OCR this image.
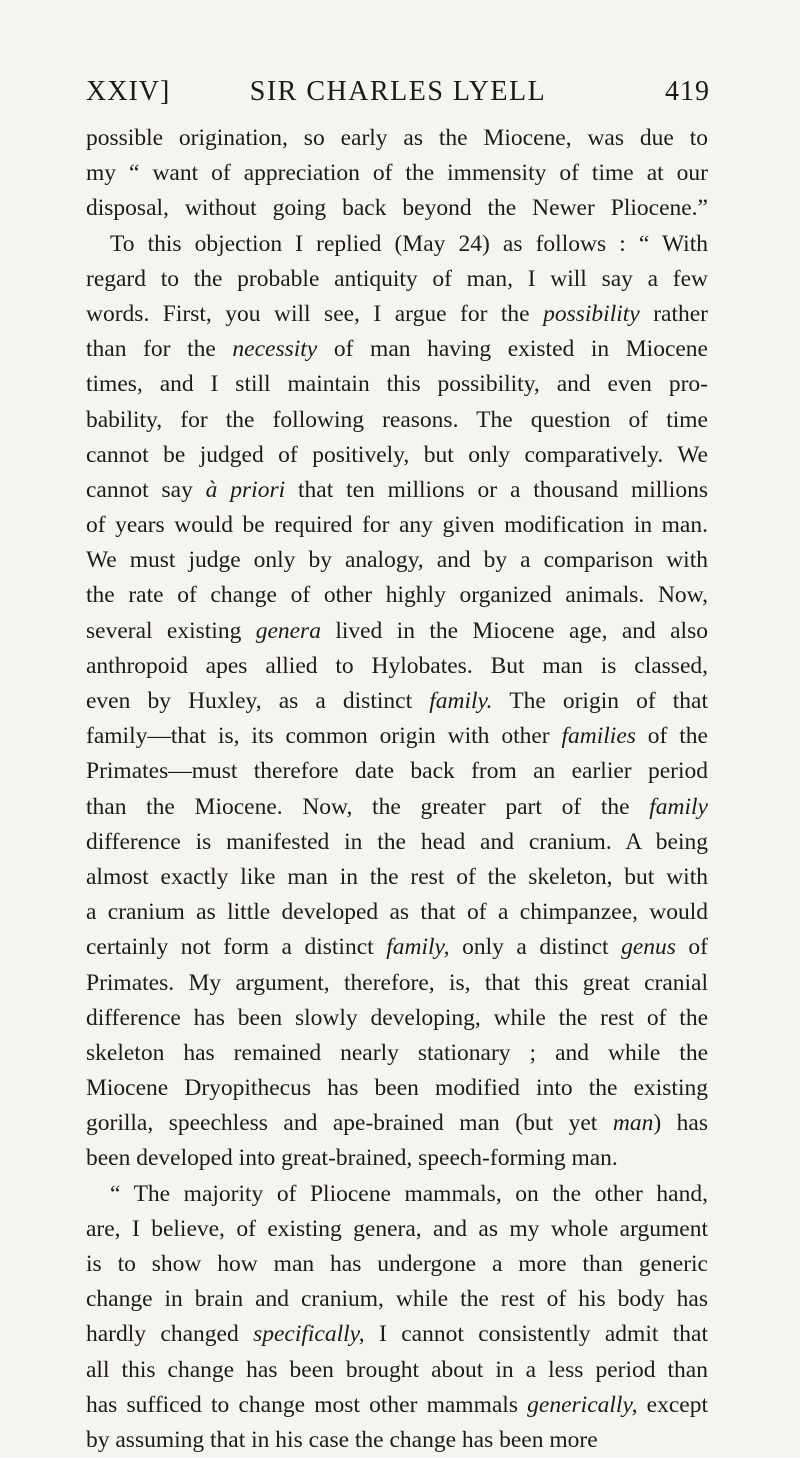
XXIV]	SIR CHARLES LYELL	419
possible origination, so early as the Miocene, was due to
my “ want of appreciation of the immensity of time at our
disposal, without going back beyond the Newer Pliocene.”
To this objection I replied (May 24) as follows : “ With
regard to the probable antiquity of man, I will say a few
words. First, you will see, I argue for the possibility rather
than for the necessity of man having existed in Miocene
times, and I still maintain this possibility, and even pro-
bability, for the following reasons. The question of time
cannot be judged of positively, but only comparatively. We
cannot say à priori that ten millions or a thousand millions
of years would be required for any given modification in man.
We must judge only by analogy, and by a comparison with
the rate of change of other highly organized animals. Now,
several existing genera lived in the Miocene age, and also
anthropoid apes allied to Hylobates. But man is classed,
even by Huxley, as a distinct family. The origin of that
family—that is, its common origin with other families of the
Primates—must therefore date back from an earlier period
than the Miocene. Now, the greater part of the family
difference is manifested in the head and cranium. A being
almost exactly like man in the rest of the skeleton, but with
a cranium as little developed as that of a chimpanzee, would
certainly not form a distinct family, only a distinct genus of
Primates. My argument, therefore, is, that this great cranial
difference has been slowly developing, while the rest of the
skeleton has remained nearly stationary ; and while the
Miocene Dryopithecus has been modified into the existing
gorilla, speechless and ape-brained man (but yet man) has
been developed into great-brained, speech-forming man.
“ The majority of Pliocene mammals, on the other hand,
are, I believe, of existing genera, and as my whole argument
is to show how man has undergone a more than generic
change in brain and cranium, while the rest of his body has
hardly changed specifically, I cannot consistently admit that
all this change has been brought about in a less period than
has sufficed to change most other mammals generically, except
by assuming that in his case the change has been more
